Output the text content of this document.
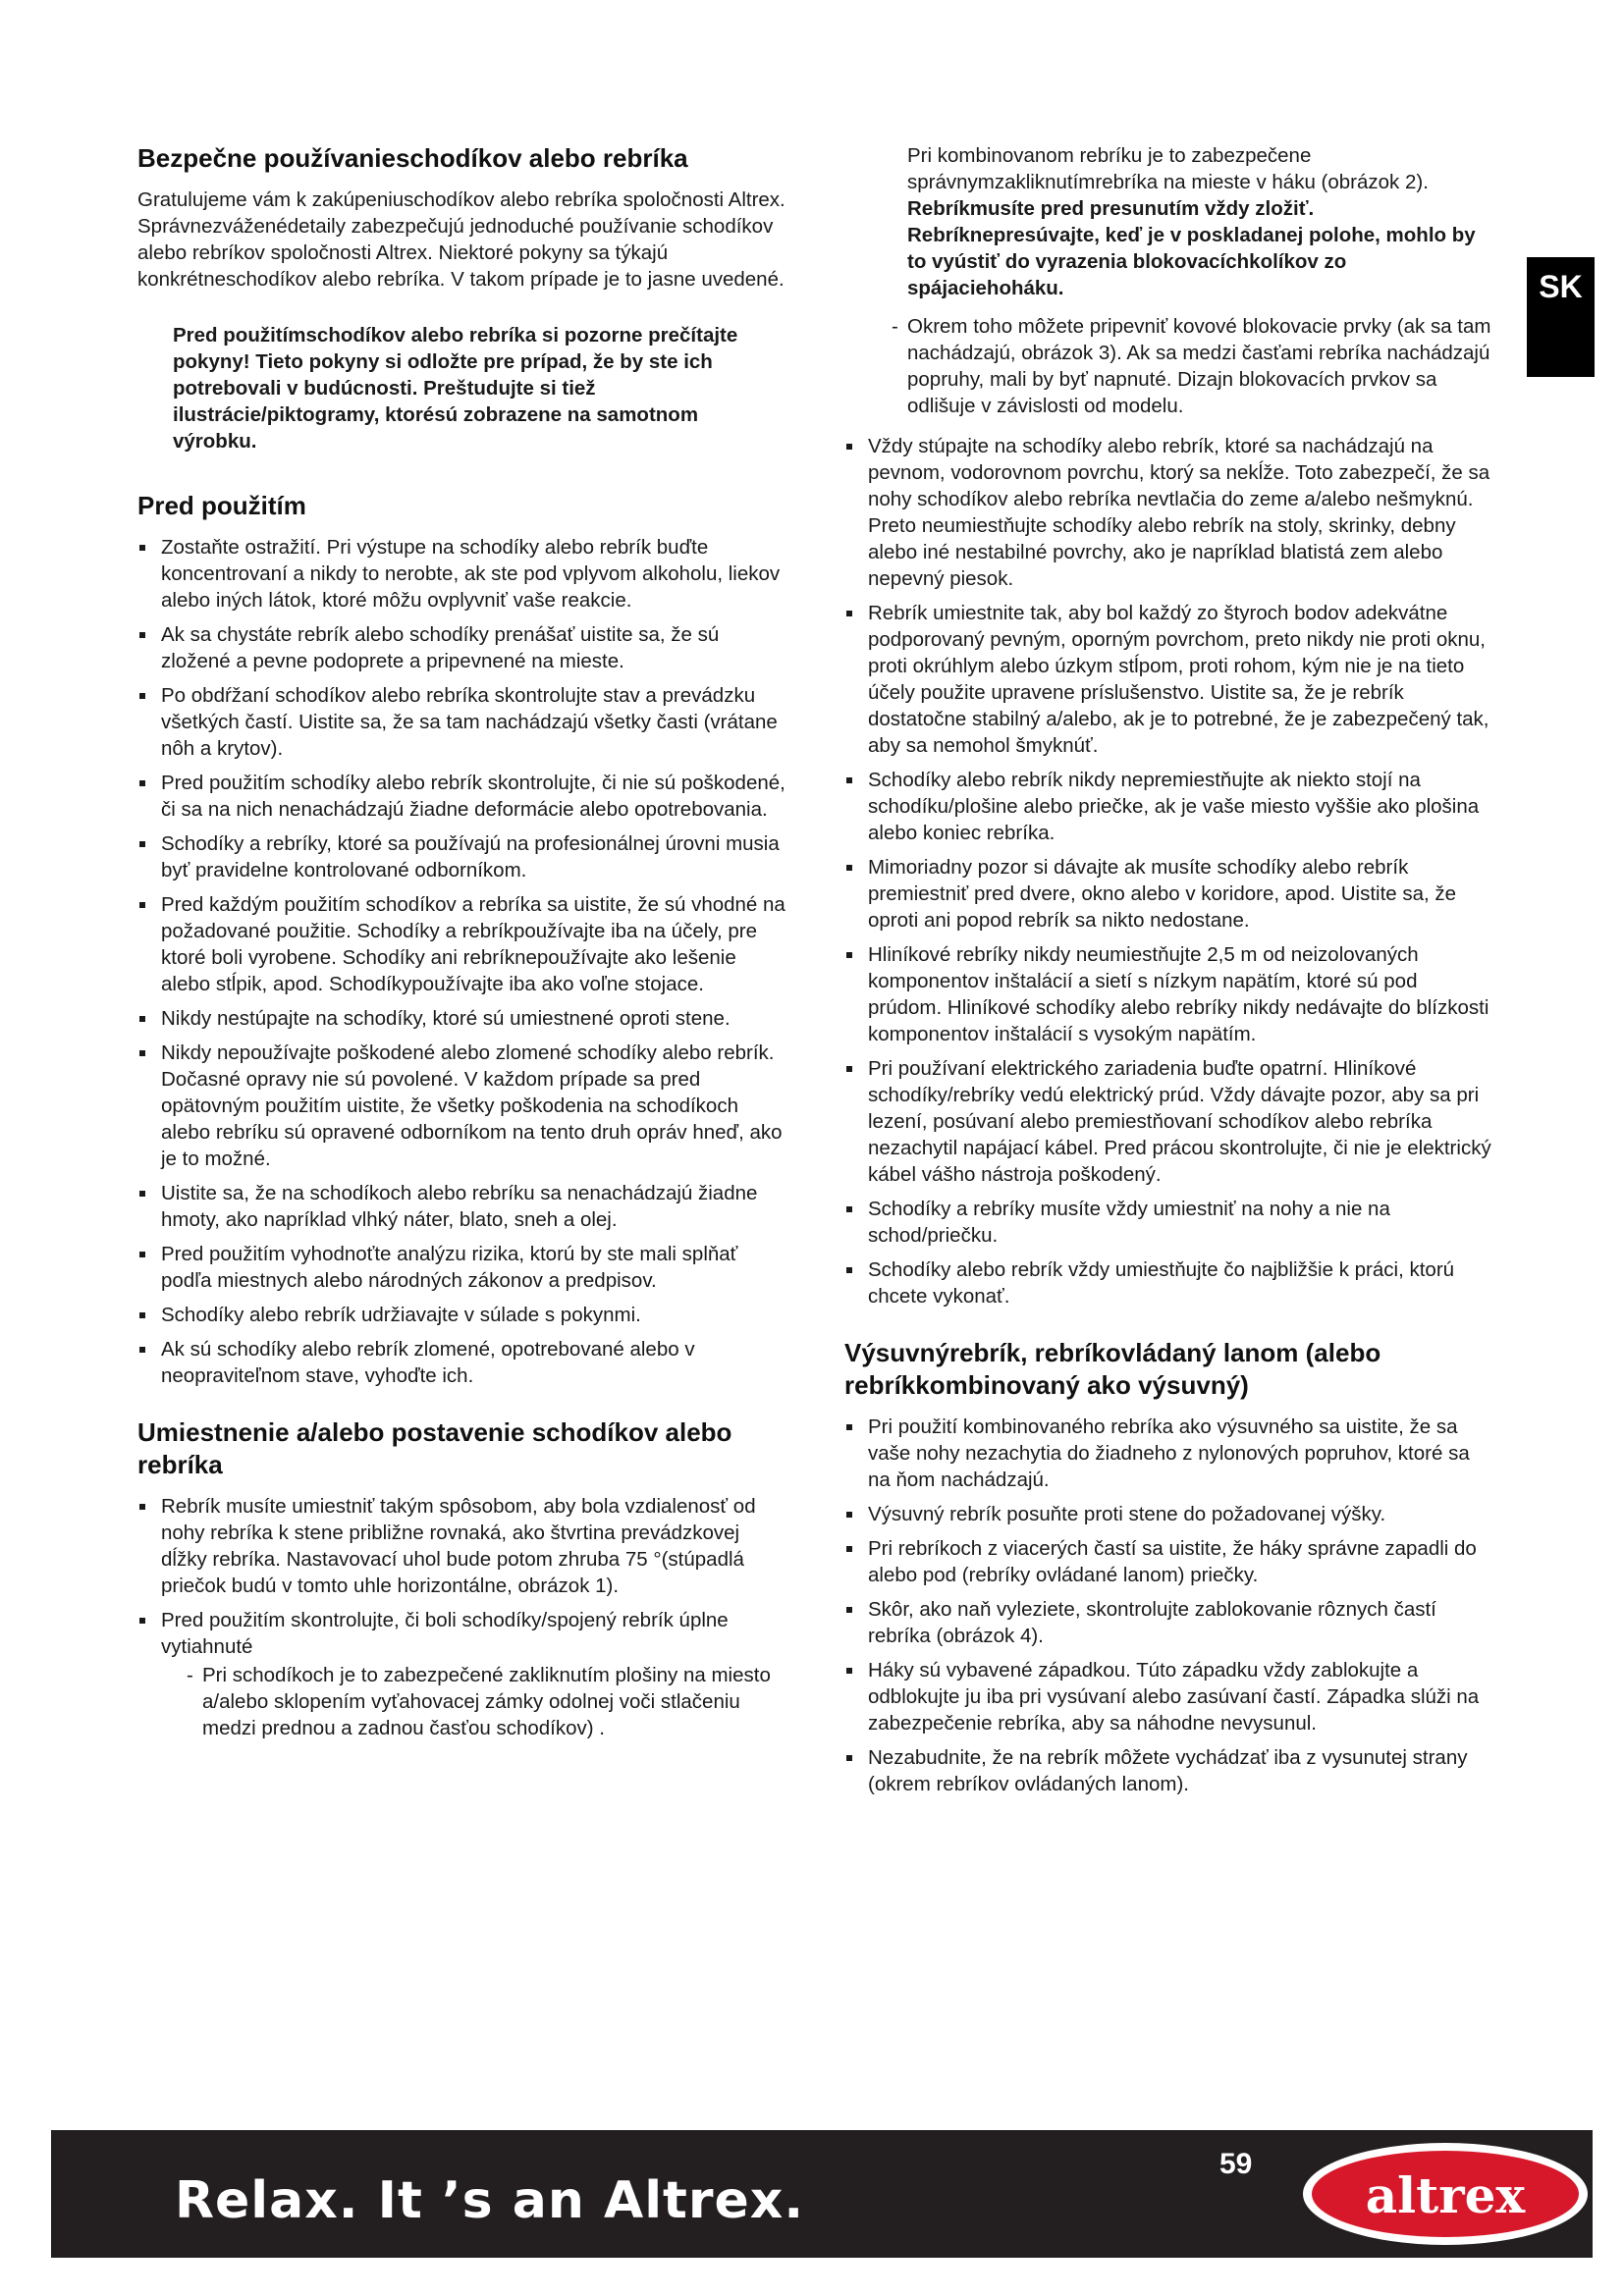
SK
Bezpečne používanieschodíkov alebo rebríka

Gratulujeme vám k zakúpeniuschodíkov alebo rebríka spoločnosti Altrex. Správnezváženédetaily zabezpečujú jednoduché používanie schodíkov alebo rebríkov spoločnosti Altrex. Niektoré pokyny sa týkajú konkrétneschodíkov alebo rebríka. V takom prípade je to jasne uvedené.

Pred použitímschodíkov alebo rebríka si pozorne prečítajte pokyny! Tieto pokyny si odložte pre prípad, že by ste ich potrebovali v budúcnosti. Preštudujte si tiež ilustrácie/piktogramy, ktorésú zobrazene na samotnom výrobku.

Pred použitím
Zostaňte ostražití. Pri výstupe na schodíky alebo rebrík buďte koncentrovaní a nikdy to nerobte, ak ste pod vplyvom alkoholu, liekov alebo iných látok, ktoré môžu ovplyvniť vaše reakcie.
Ak sa chystáte rebrík alebo schodíky prenášať uistite sa, že sú zložené a pevne podoprete a pripevnené na mieste.
Po obdŕžaní schodíkov alebo rebríka skontrolujte stav a prevádzku všetkých častí. Uistite sa, že sa tam nachádzajú všetky časti (vrátane nôh a krytov).
Pred použitím schodíky alebo rebrík skontrolujte, či nie sú poškodené, či sa na nich nenachádzajú žiadne deformácie alebo opotrebovania.
Schodíky a rebríky, ktoré sa používajú na profesionálnej úrovni musia byť pravidelne kontrolované odborníkom.
Pred každým použitím schodíkov a rebríka sa uistite, že sú vhodné na požadované použitie. Schodíky a rebríkpoužívajte iba na účely, pre ktoré boli vyrobene. Schodíky ani rebríknepoužívajte ako lešenie alebo stĺpik, apod. Schodíkypoužívajte iba ako voľne stojace.
Nikdy nestúpajte na schodíky, ktoré sú umiestnené oproti stene.
Nikdy nepoužívajte poškodené alebo zlomené schodíky alebo rebrík. Dočasné opravy nie sú povolené. V každom prípade sa pred opätovným použitím uistite, že všetky poškodenia na schodíkoch alebo rebríku sú opravené odborníkom na tento druh opráv hneď, ako je to možné.
Uistite sa, že na schodíkoch alebo rebríku sa nenachádzajú žiadne hmoty, ako napríklad vlhký náter, blato, sneh a olej.
Pred použitím vyhodnoťte analýzu rizika, ktorú by ste mali splňať podľa miestnych alebo národných zákonov a predpisov.
Schodíky alebo rebrík udržiavajte v súlade s pokynmi.
Ak sú schodíky alebo rebrík zlomené, opotrebované alebo v neopraviteľnom stave, vyhoďte ich.
Umiestnenie a/alebo postavenie schodíkov alebo rebríka
Rebrík musíte umiestniť takým spôsobom, aby bola vzdialenosť od nohy rebríka k stene približne rovnaká, ako štvrtina prevádzkovej dĺžky rebríka. Nastavovací uhol bude potom zhruba 75 °(stúpadlá priečok budú v tomto uhle horizontálne, obrázok 1).
Pred použitím skontrolujte, či boli schodíky/spojený rebrík úplne vytiahnuté
- Pri schodíkoch je to zabezpečené zakliknutím plošiny na miesto a/alebo sklopením vyťahovacej zámky odolnej voči stlačeniu medzi prednou a zadnou časťou schodíkov) .
Pri kombinovanom rebríku je to zabezpečene správnymzakliknutímrebríka na mieste v háku (obrázok 2).
Rebríkmusíte pred presunutím vždy zložiť. Rebríknepresúvajte, keď je v poskladanej polohe, mohlo by to vyústiť do vyrazenia blokovacíchkolíkov zo spájaciehoháku.
- Okrem toho môžete pripevniť kovové blokovacie prvky (ak sa tam nachádzajú, obrázok 3). Ak sa medzi časťami rebríka nachádzajú popruhy, mali by byť napnuté. Dizajn blokovacích prvkov sa odlišuje v závislosti od modelu.
Vždy stúpajte na schodíky alebo rebrík, ktoré sa nachádzajú na pevnom, vodorovnom povrchu, ktorý sa nekĺže. Toto zabezpečí, že sa nohy schodíkov alebo rebríka nevtlačia do zeme a/alebo nešmyknú. Preto neumiestňujte schodíky alebo rebrík na stoly, skrinky, debny alebo iné nestabilné povrchy, ako je napríklad blatistá zem alebo nepevný piesok.
Rebrík umiestnite tak, aby bol každý zo štyroch bodov adekvátne podporovaný pevným, oporným povrchom, preto nikdy nie proti oknu, proti okrúhlym alebo úzkym stĺpom, proti rohom, kým nie je na tieto účely použite upravene príslušenstvo. Uistite sa, že je rebrík dostatočne stabilný a/alebo, ak je to potrebné, že je zabezpečený tak, aby sa nemohol šmyknúť.
Schodíky alebo rebrík nikdy nepremiestňujte ak niekto stojí na schodíku/plošine alebo priečke, ak je vaše miesto vyššie ako plošina alebo koniec rebríka.
Mimoriadny pozor si dávajte ak musíte schodíky alebo rebrík premiestniť pred dvere, okno alebo v koridore, apod. Uistite sa, že oproti ani popod rebrík sa nikto nedostane.
Hliníkové rebríky nikdy neumiestňujte 2,5 m od neizolovaných komponentov inštalácií a sietí s nízkym napätím, ktoré sú pod prúdom. Hliníkové schodíky alebo rebríky nikdy nedávajte do blízkosti komponentov inštalácií s vysokým napätím.
Pri používaní elektrického zariadenia buďte opatrní. Hliníkové schodíky/rebríky vedú elektrický prúd. Vždy dávajte pozor, aby sa pri lezení, posúvaní alebo premiestňovaní schodíkov alebo rebríka nezachytil napájací kábel. Pred prácou skontrolujte, či nie je elektrický kábel vášho nástroja poškodený.
Schodíky a rebríky musíte vždy umiestniť na nohy a nie na schod/priečku.
Schodíky alebo rebrík vždy umiestňujte čo najbližšie k práci, ktorú chcete vykonať.
Výsuvnýrebrík, rebríkovládaný lanom (alebo rebríkkombinovaný ako výsuvný)
Pri použití kombinovaného rebríka ako výsuvného sa uistite, že sa vaše nohy nezachytia do žiadneho z nylonových popruhov, ktoré sa na ňom nachádzajú.
Výsuvný rebrík posuňte proti stene do požadovanej výšky.
Pri rebríkoch z viacerých častí sa uistite, že háky správne zapadli do alebo pod (rebríky ovládané lanom) priečky.
Skôr, ako naň vyleziete, skontrolujte zablokovanie rôznych častí rebríka (obrázok 4).
Háky sú vybavené západkou. Túto západku vždy zablokujte a odblokujte ju iba pri vysúvaní alebo zasúvaní častí. Západka slúži na zabezpečenie rebríka, aby sa náhodne nevysunul.
Nezabudnite, že na rebrík môžete vychádzať iba z vysunutej strany (okrem rebríkov ovládaných lanom).
Relax. It ’s an Altrex.
59
altrex
